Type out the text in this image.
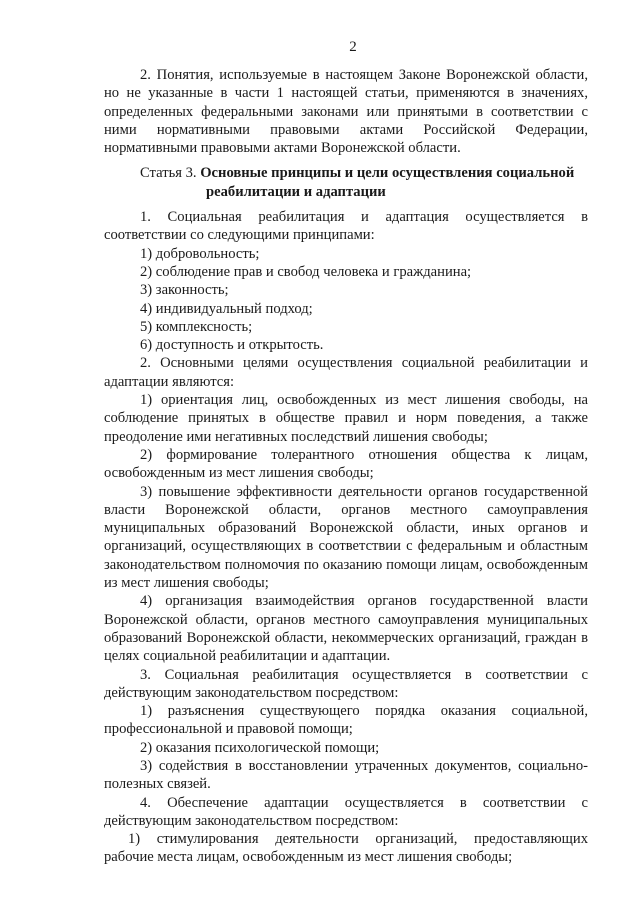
2

2. Понятия, используемые в настоящем Законе Воронежской области, но не указанные в части 1 настоящей статьи, применяются в значениях, определенных федеральными законами или принятыми в соответствии с ними нормативными правовыми актами Российской Федерации, нормативными правовыми актами Воронежской области.

Статья 3. Основные принципы и цели осуществления социальной
реабилитации и адаптации

1. Социальная реабилитация и адаптация осуществляется в соответствии со следующими принципами:

1) добровольность;

2) соблюдение прав и свобод человека и гражданина;

3) законность;

4) индивидуальный подход;

5) комплексность;

6) доступность и открытость.

2. Основными целями осуществления социальной реабилитации и адаптации являются:

1) ориентация лиц, освобожденных из мест лишения свободы, на соблюдение принятых в обществе правил и норм поведения, а также преодоление ими негативных последствий лишения свободы;

2) формирование толерантного отношения общества к лицам, освобожденным из мест лишения свободы;

3) повышение эффективности деятельности органов государственной власти Воронежской области, органов местного самоуправления муниципальных образований Воронежской области, иных органов и организаций, осуществляющих в соответствии с федеральным и областным законодательством полномочия по оказанию помощи лицам, освобожденным из мест лишения свободы;

4) организация взаимодействия органов государственной власти Воронежской области, органов местного самоуправления муниципальных образований Воронежской области, некоммерческих организаций, граждан в целях социальной реабилитации и адаптации.

3. Социальная реабилитация осуществляется в соответствии с действующим законодательством посредством:

1) разъяснения существующего порядка оказания социальной, профессиональной и правовой помощи;

2) оказания психологической помощи;

3) содействия в восстановлении утраченных документов, социально-полезных связей.

4. Обеспечение адаптации осуществляется в соответствии с действующим законодательством посредством:

1) стимулирования деятельности организаций, предоставляющих рабочие места лицам, освобожденным из мест лишения свободы;
